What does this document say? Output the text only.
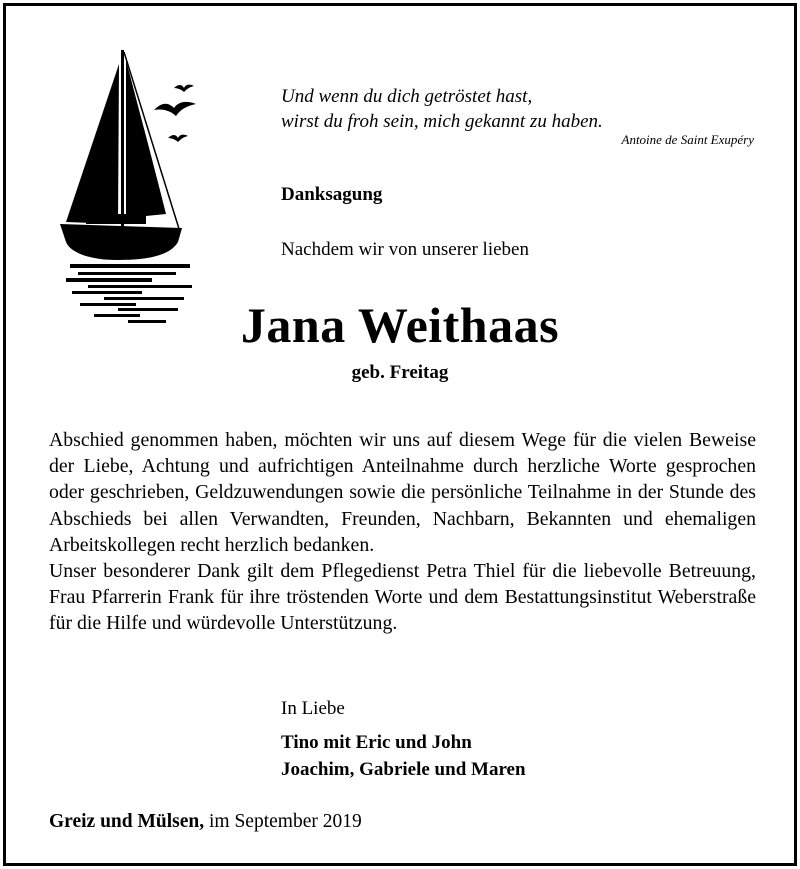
Und wenn du dich getröstet hast,
wirst du froh sein, mich gekannt zu haben.
Antoine de Saint Exupéry
Danksagung
Nachdem wir von unserer lieben
Jana Weithaas
geb. Freitag

Abschied genommen haben, möchten wir uns auf diesem Wege für die vielen Beweise der Liebe, Achtung und aufrichtigen Anteilnahme durch herzliche Worte gesprochen oder geschrieben, Geldzuwendungen sowie die persönliche Teilnahme in der Stunde des Abschieds bei allen Verwandten, Freunden, Nachbarn, Bekannten und ehemaligen Arbeitskollegen recht herzlich bedanken.

Unser besonderer Dank gilt dem Pflegedienst Petra Thiel für die liebevolle Betreuung, Frau Pfarrerin Frank für ihre tröstenden Worte und dem Bestattungsinstitut Weberstraße für die Hilfe und würdevolle Unterstützung.

In Liebe
Tino mit Eric und John
Joachim, Gabriele und Maren
Greiz und Mülsen, im September 2019
